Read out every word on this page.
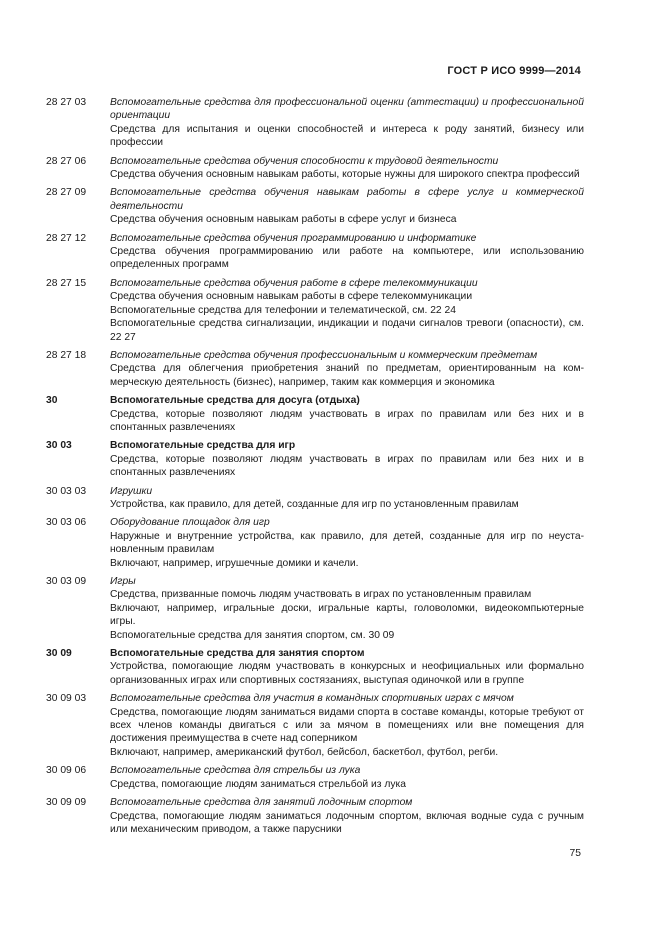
ГОСТ Р ИСО 9999—2014
28 27 03	Вспомогательные средства для профессиональной оценки (аттестации) и профессиональной ориентации
Средства для испытания и оценки способностей и интереса к роду занятий, бизнесу или профессии
28 27 06	Вспомогательные средства обучения способности к трудовой деятельности
Средства обучения основным навыкам работы, которые нужны для широкого спектра профессий
28 27 09	Вспомогательные средства обучения навыкам работы в сфере услуг и коммерческой деятельности
Средства обучения основным навыкам работы в сфере услуг и бизнеса
28 27 12	Вспомогательные средства обучения программированию и информатике
Средства обучения программированию или работе на компьютере, или использованию определенных программ
28 27 15	Вспомогательные средства обучения работе в сфере телекоммуникации
Средства обучения основным навыкам работы в сфере телекоммуникации
Вспомогательные средства для телефонии и телематической, см. 22 24
Вспомогательные средства сигнализации, индикации и подачи сигналов тревоги (опасности), см. 22 27
28 27 18	Вспомогательные средства обучения профессиональным и коммерческим предметам
Средства для облегчения приобретения знаний по предметам, ориентированным на коммерческую деятельность (бизнес), например, таким как коммерция и экономика
30	Вспомогательные средства для досуга (отдыха)
Средства, которые позволяют людям участвовать в играх по правилам или без них и в спонтанных развлечениях
30 03	Вспомогательные средства для игр
Средства, которые позволяют людям участвовать в играх по правилам или без них и в спонтанных развлечениях
30 03 03	Игрушки
Устройства, как правило, для детей, созданные для игр по установленным правилам
30 03 06	Оборудование площадок для игр
Наружные и внутренние устройства, как правило, для детей, созданные для игр по неустановленным правилам
Включают, например, игрушечные домики и качели.
30 03 09	Игры
Средства, призванные помочь людям участвовать в играх по установленным правилам
Включают, например, игральные доски, игральные карты, головоломки, видеокомпьютерные игры.
Вспомогательные средства для занятия спортом, см. 30 09
30 09	Вспомогательные средства для занятия спортом
Устройства, помогающие людям участвовать в конкурсных и неофициальных или формально организованных играх или спортивных состязаниях, выступая одиночкой или в группе
30 09 03	Вспомогательные средства для участия в командных спортивных играх с мячом
Средства, помогающие людям заниматься видами спорта в составе команды, которые требуют от всех членов команды двигаться с или за мячом в помещениях или вне помещения для достижения преимущества в счете над соперником
Включают, например, американский футбол, бейсбол, баскетбол, футбол, регби.
30 09 06	Вспомогательные средства для стрельбы из лука
Средства, помогающие людям заниматься стрельбой из лука
30 09 09	Вспомогательные средства для занятий лодочным спортом
Средства, помогающие людям заниматься лодочным спортом, включая водные суда с ручным или механическим приводом, а также парусники
75
